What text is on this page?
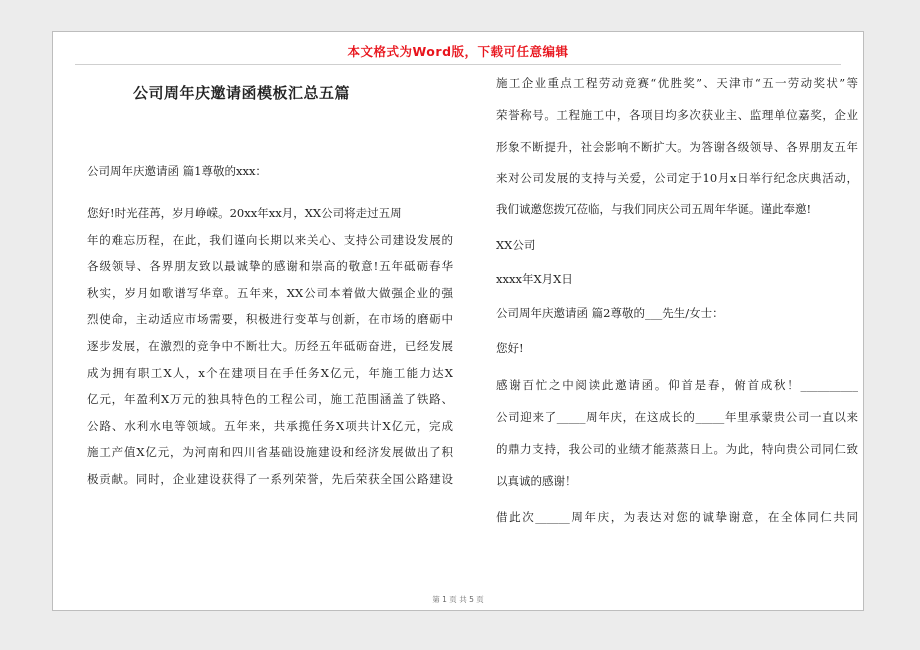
本文格式为Word版，下载可任意编辑
公司周年庆邀请函模板汇总五篇
公司周年庆邀请函 篇1尊敬的xxx：
您好!时光荏苒，岁月峥嵘。20xx年xx月，XX公司将走过五周
年的难忘历程，在此，我们谨向长期以来关心、支持公司建设发展的
各级领导、各界朋友致以最诚挚的感谢和崇高的敬意!五年砥砺春华
秋实，岁月如歌谱写华章。五年来，XX公司本着做大做强企业的强
烈使命，主动适应市场需要，积极进行变革与创新，在市场的磨砺中
逐步发展，在激烈的竞争中不断壮大。历经五年砥砺奋进，已经发展
成为拥有职工X人，x个在建项目在手任务X亿元，年施工能力达X
亿元，年盈利X万元的独具特色的工程公司，施工范围涵盖了铁路、
公路、水利水电等领域。五年来，共承揽任务X项共计X亿元，完成
施工产值X亿元，为河南和四川省基础设施建设和经济发展做出了积
极贡献。同时，企业建设获得了一系列荣誉，先后荣获全国公路建设
施工企业重点工程劳动竞赛“优胜奖”、天津市“五一劳动奖状”等
荣誉称号。工程施工中，各项目均多次获业主、监理单位嘉奖，企业
形象不断提升，社会影响不断扩大。为答谢各级领导、各界朋友五年
来对公司发展的支持与关爱，公司定于10月x日举行纪念庆典活动，
我们诚邀您拨冗莅临，与我们同庆公司五周年华诞。谨此奉邀!
XX公司
xxxx年X月X日
公司周年庆邀请函 篇2尊敬的___先生/女士：
您好!
感谢百忙之中阅读此邀请函。仰首是春，俯首成秋！__________
公司迎来了_____周年庆，在这成长的_____年里承蒙贵公司一直以来
的鼎力支持，我公司的业绩才能蒸蒸日上。为此，特向贵公司同仁致
以真诚的感谢！
借此次______周年庆，为表达对您的诚挚谢意，在全体同仁共同
第 1 页 共 5 页
